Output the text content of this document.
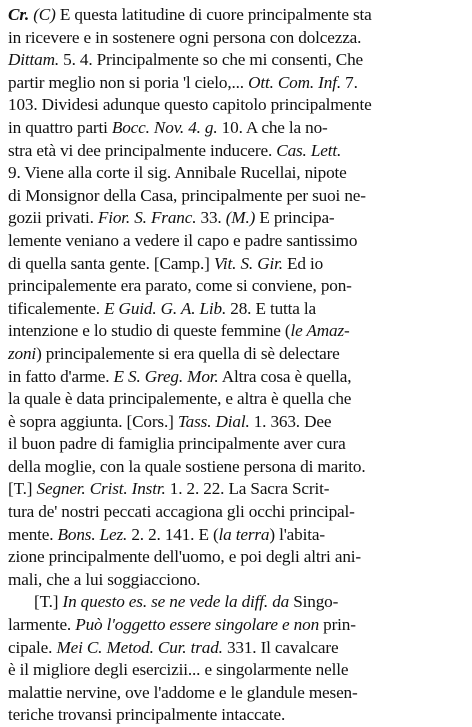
Cr. (C) E questa latitudine di cuore principalmente sta
in ricevere e in sostenere ogni persona con dolcezza.
Dittam. 5. 4. Principalmente so che mi consenti, Che
partir meglio non si poria 'l cielo,... Ott. Com. Inf. 7.
103. Dividesi adunque questo capitolo principalmente
in quattro parti Bocc. Nov. 4. g. 10. A che la no-
stra età vi dee principalmente inducere. Cas. Lett.
9. Viene alla corte il sig. Annibale Rucellai, nipote
di Monsignor della Casa, principalmente per suoi ne-
gozii privati. Fior. S. Franc. 33. (M.) E principa-
lemente veniano a vedere il capo e padre santissimo
di quella santa gente. [Camp.] Vit. S. Gir. Ed io
principalemente era parato, come si conviene, pon-
tificalemente. E Guid. G. A. Lib. 28. E tutta la
intenzione e lo studio di queste femmine (le Amaz-
zoni) principalemente si era quella di sè delectare
in fatto d'arme. E S. Greg. Mor. Altra cosa è quella,
la quale è data principalemente, e altra è quella che
è sopra aggiunta. [Cors.] Tass. Dial. 1. 363. Dee
il buon padre di famiglia principalmente aver cura
della moglie, con la quale sostiene persona di marito.
[T.] Segner. Crist. Instr. 1. 2. 22. La Sacra Scrit-
tura de' nostri peccati accagiona gli occhi principal-
mente. Bons. Lez. 2. 2. 141. E (la terra) l'abita-
zione principalmente dell'uomo, e poi degli altri ani-
mali, che a lui soggiacciono.
[T.] In questo es. se ne vede la diff. da Singo-
larmente. Può l'oggetto essere singolare e non prin-
cipale. Mei C. Metod. Cur. trad. 331. Il cavalcare
è il migliore degli esercizii... e singolarmente nelle
malattie nervine, ove l'addome e le glandule mesen-
teriche trovansi principalmente intaccate.
